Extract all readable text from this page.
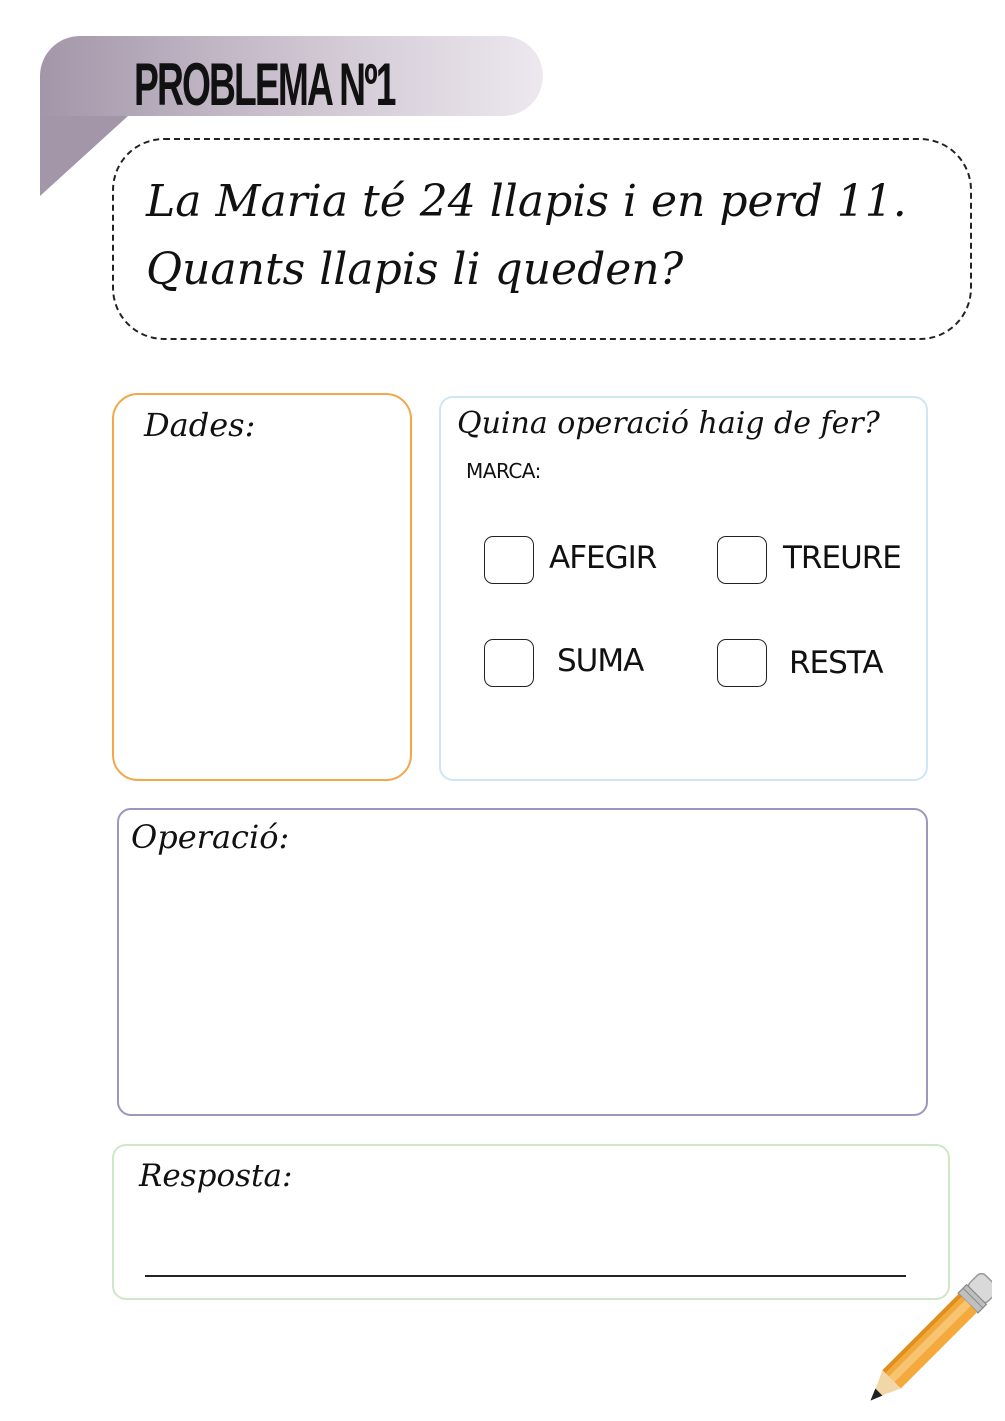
PROBLEMA Nº1
La Maria té 24 llapis i en perd 11.
Quants llapis li queden?
Dades:	Quina operació haig de fer?
MARCA:
AFEGIR	TREURE
SUMA	RESTA
Operació:
Resposta:
